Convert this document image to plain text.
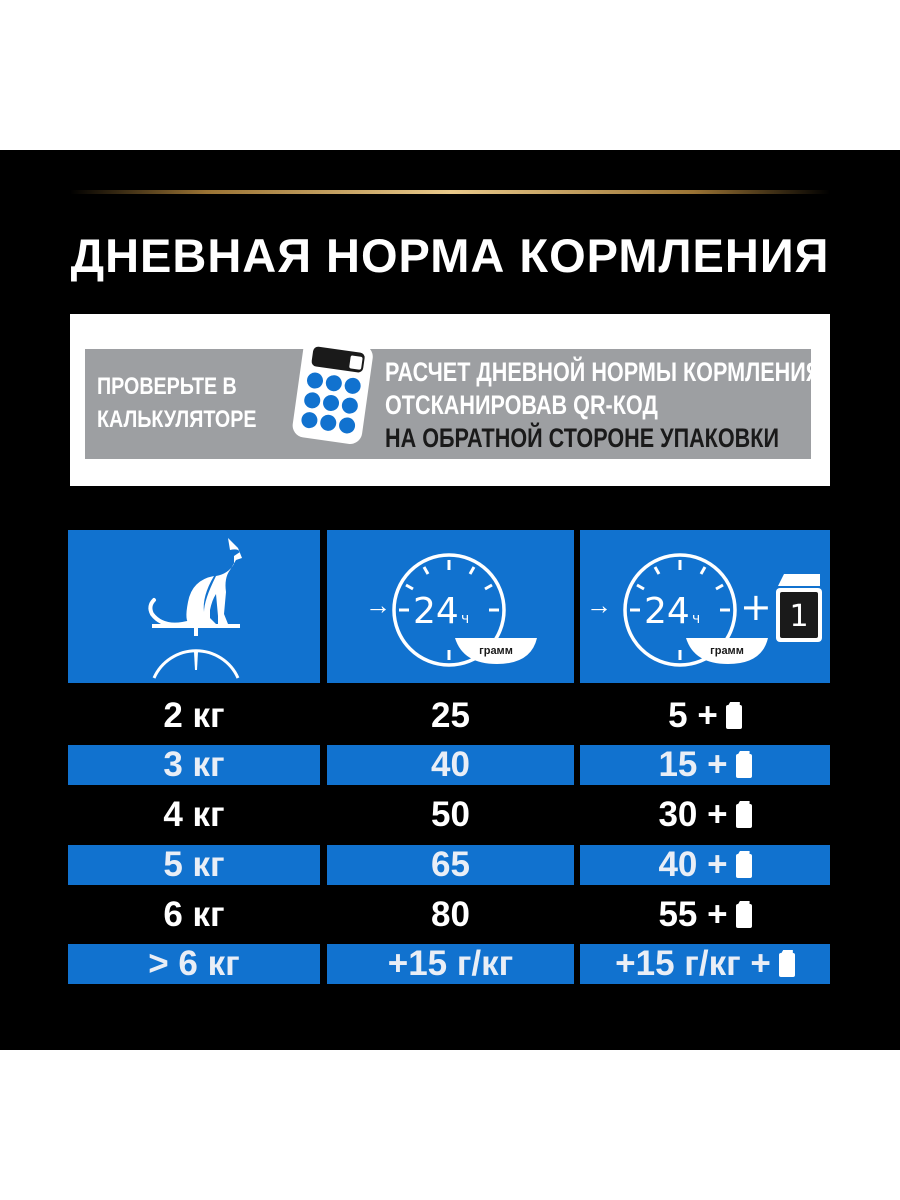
ДНЕВНАЯ НОРМА КОРМЛЕНИЯ
ПРОВЕРЬТЕ В
КАЛЬКУЛЯТОРЕ
РАСЧЕТ ДНЕВНОЙ НОРМЫ КОРМЛЕНИЯ,
ОТСКАНИРОВАВ QR-КОД
НА ОБРАТНОЙ СТОРОНЕ УПАКОВКИ
→ 24 ч
грамм
→ 24 ч
грамм
+ 1
2 кг	25	5 +
3 кг	40	15 +
4 кг	50	30 +
5 кг	65	40 +
6 кг	80	55 +
> 6 кг	+15 г/кг	+15 г/кг +
